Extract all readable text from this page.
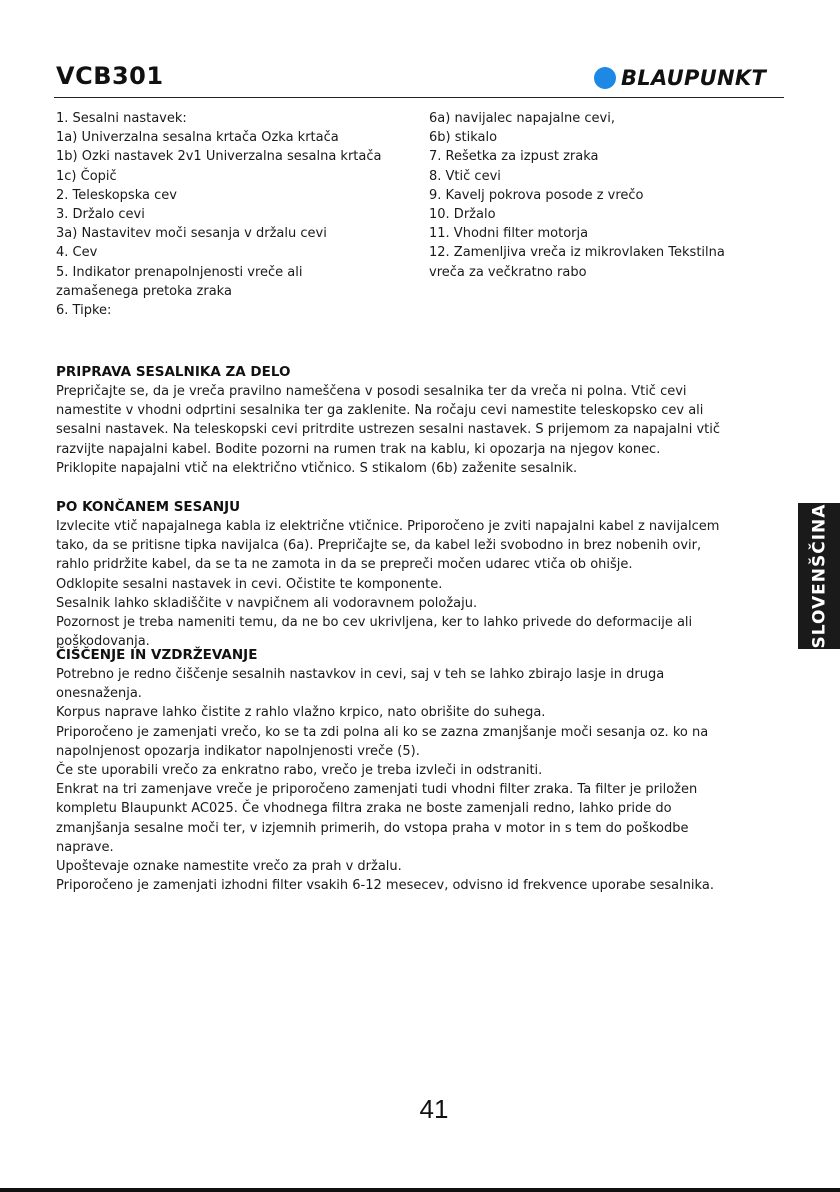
VCB301	BLAUPUNKT
1. Sesalni nastavek:
1a) Univerzalna sesalna krtača Ozka krtača
1b) Ozki nastavek 2v1 Univerzalna sesalna krtača
1c) Čopič
2. Teleskopska cev
3. Držalo cevi
3a) Nastavitev moči sesanja v držalu cevi
4. Cev
5. Indikator prenapolnjenosti vreče ali
zamašenega pretoka zraka
6. Tipke:
6a) navijalec napajalne cevi,
6b) stikalo
7. Rešetka za izpust zraka
8. Vtič cevi
9. Kavelj pokrova posode z vrečo
10. Držalo
11. Vhodni filter motorja
12. Zamenljiva vreča iz mikrovlaken Tekstilna
vreča za večkratno rabo
PRIPRAVA SESALNIKA ZA DELO

Prepričajte se, da je vreča pravilno nameščena v posodi sesalnika ter da vreča ni polna. Vtič cevi
namestite v vhodni odprtini sesalnika ter ga zaklenite. Na ročaju cevi namestite teleskopsko cev ali
sesalni nastavek. Na teleskopski cevi pritrdite ustrezen sesalni nastavek. S prijemom za napajalni vtič
razvijte napajalni kabel. Bodite pozorni na rumen trak na kablu, ki opozarja na njegov konec.
Priklopite napajalni vtič na električno vtičnico. S stikalom (6b) zaženite sesalnik.

PO KONČANEM SESANJU

Izvlecite vtič napajalnega kabla iz električne vtičnice. Priporočeno je zviti napajalni kabel z navijalcem
tako, da se pritisne tipka navijalca (6a). Prepričajte se, da kabel leži svobodno in brez nobenih ovir,
rahlo pridržite kabel, da se ta ne zamota in da se prepreči močen udarec vtiča ob ohišje.
Odklopite sesalni nastavek in cevi. Očistite te komponente.
Sesalnik lahko skladiščite v navpičnem ali vodoravnem položaju.
Pozornost je treba nameniti temu, da ne bo cev ukrivljena, ker to lahko privede do deformacije ali
poškodovanja.

ČIŠČENJE IN VZDRŽEVANJE

Potrebno je redno čiščenje sesalnih nastavkov in cevi, saj v teh se lahko zbirajo lasje in druga
onesnaženja.
Korpus naprave lahko čistite z rahlo vlažno krpico, nato obrišite do suhega.
Priporočeno je zamenjati vrečo, ko se ta zdi polna ali ko se zazna zmanjšanje moči sesanja oz. ko na
napolnjenost opozarja indikator napolnjenosti vreče (5).
Če ste uporabili vrečo za enkratno rabo, vrečo je treba izvleči in odstraniti.
Enkrat na tri zamenjave vreče je priporočeno zamenjati tudi vhodni filter zraka. Ta filter je priložen
kompletu Blaupunkt AC025. Če vhodnega filtra zraka ne boste zamenjali redno, lahko pride do
zmanjšanja sesalne moči ter, v izjemnih primerih, do vstopa praha v motor in s tem do poškodbe
naprave.
Upoštevaje oznake namestite vrečo za prah v držalu.
Priporočeno je zamenjati izhodni filter vsakih 6-12 mesecev, odvisno id frekvence uporabe sesalnika.

SLOVENŠČINA
41
